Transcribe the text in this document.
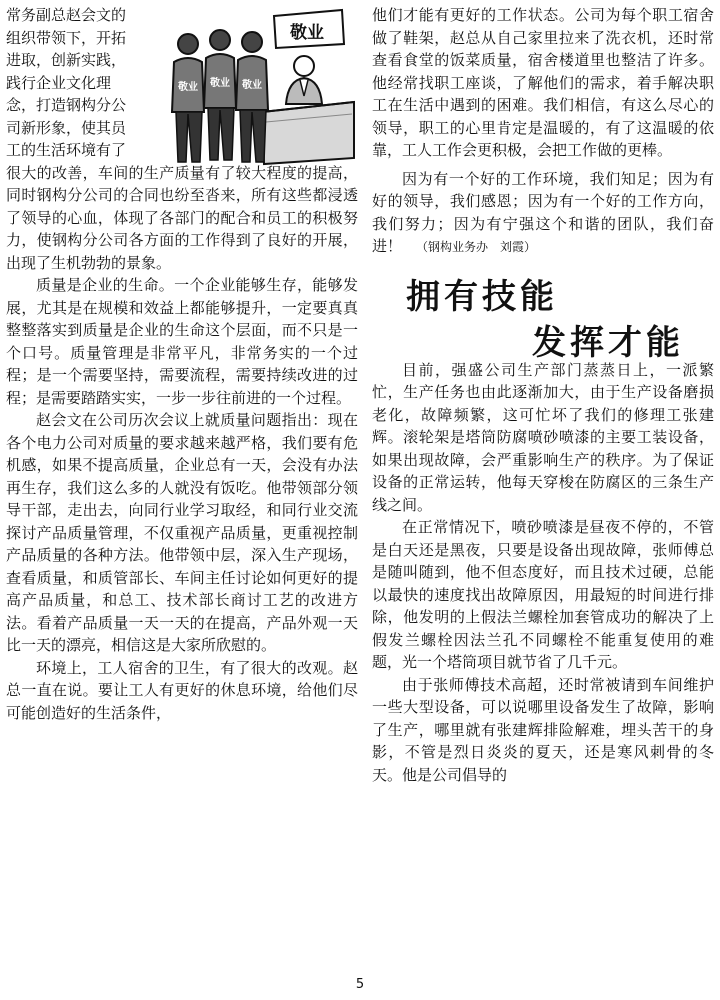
常务副总赵会文的

组织带领下，开拓

进取，创新实践，

践行企业文化理

念，打造钢构分公

司新形象，使其员

工的生活环境有了

很大的改善，车间的生产质量有了较大程度的提高，同时钢构分公司的合同也纷至沓来，所有这些都浸透了领导的心血，体现了各部门的配合和员工的积极努力，使钢构分公司各方面的工作得到了良好的开展，出现了生机勃勃的景象。

质量是企业的生命。一个企业能够生存，能够发展，尤其是在规模和效益上都能够提升，一定要真真整整落实到质量是企业的生命这个层面，而不只是一个口号。质量管理是非常平凡，非常务实的一个过程；是一个需要坚持，需要流程，需要持续改进的过程；是需要踏踏实实，一步一步往前进的一个过程。

赵会文在公司历次会议上就质量问题指出：现在各个电力公司对质量的要求越来越严格，我们要有危机感，如果不提高质量，企业总有一天，会没有办法再生存，我们这么多的人就没有饭吃。他带领部分领导干部，走出去，向同行业学习取经，和同行业交流探讨产品质量管理，不仅重视产品质量，更重视控制产品质量的各种方法。他带领中层，深入生产现场，查看质量，和质管部长、车间主任讨论如何更好的提高产品质量，和总工、技术部长商讨工艺的改进方法。看着产品质量一天一天的在提高，产品外观一天比一天的漂亮，相信这是大家所欣慰的。

环境上，工人宿舍的卫生，有了很大的改观。赵总一直在说。要让工人有更好的休息环境，给他们尽可能创造好的生活条件，

敬业
敬业 敬业 敬业

他们才能有更好的工作状态。公司为每个职工宿舍做了鞋架，赵总从自己家里拉来了洗衣机，还时常查看食堂的饭菜质量，宿舍楼道里也整洁了许多。他经常找职工座谈，了解他们的需求，着手解决职工在生活中遇到的困难。我们相信，有这么尽心的领导，职工的心里肯定是温暖的，有了这温暖的依靠，工人工作会更积极，会把工作做的更棒。

因为有一个好的工作环境，我们知足；因为有好的领导，我们感恩；因为有一个好的工作方向，我们努力；因为有宁强这个和谐的团队，我们奋进！ （钢构业务办　刘霞）

拥有技能
发挥才能

目前，强盛公司生产部门蒸蒸日上，一派繁忙，生产任务也由此逐渐加大，由于生产设备磨损老化，故障频繁，这可忙坏了我们的修理工张建辉。滚轮架是塔筒防腐喷砂喷漆的主要工装设备，如果出现故障，会严重影响生产的秩序。为了保证设备的正常运转，他每天穿梭在防腐区的三条生产线之间。

在正常情况下，喷砂喷漆是昼夜不停的，不管是白天还是黑夜，只要是设备出现故障，张师傅总是随叫随到，他不但态度好，而且技术过硬，总能以最快的速度找出故障原因，用最短的时间进行排除，他发明的上假法兰螺栓加套管成功的解决了上假发兰螺栓因法兰孔不同螺栓不能重复使用的难题，光一个塔筒项目就节省了几千元。

由于张师傅技术高超，还时常被请到车间维护一些大型设备，可以说哪里设备发生了故障，影响了生产，哪里就有张建辉排险解难，埋头苦干的身影，不管是烈日炎炎的夏天，还是寒风刺骨的冬天。他是公司倡导的

5
